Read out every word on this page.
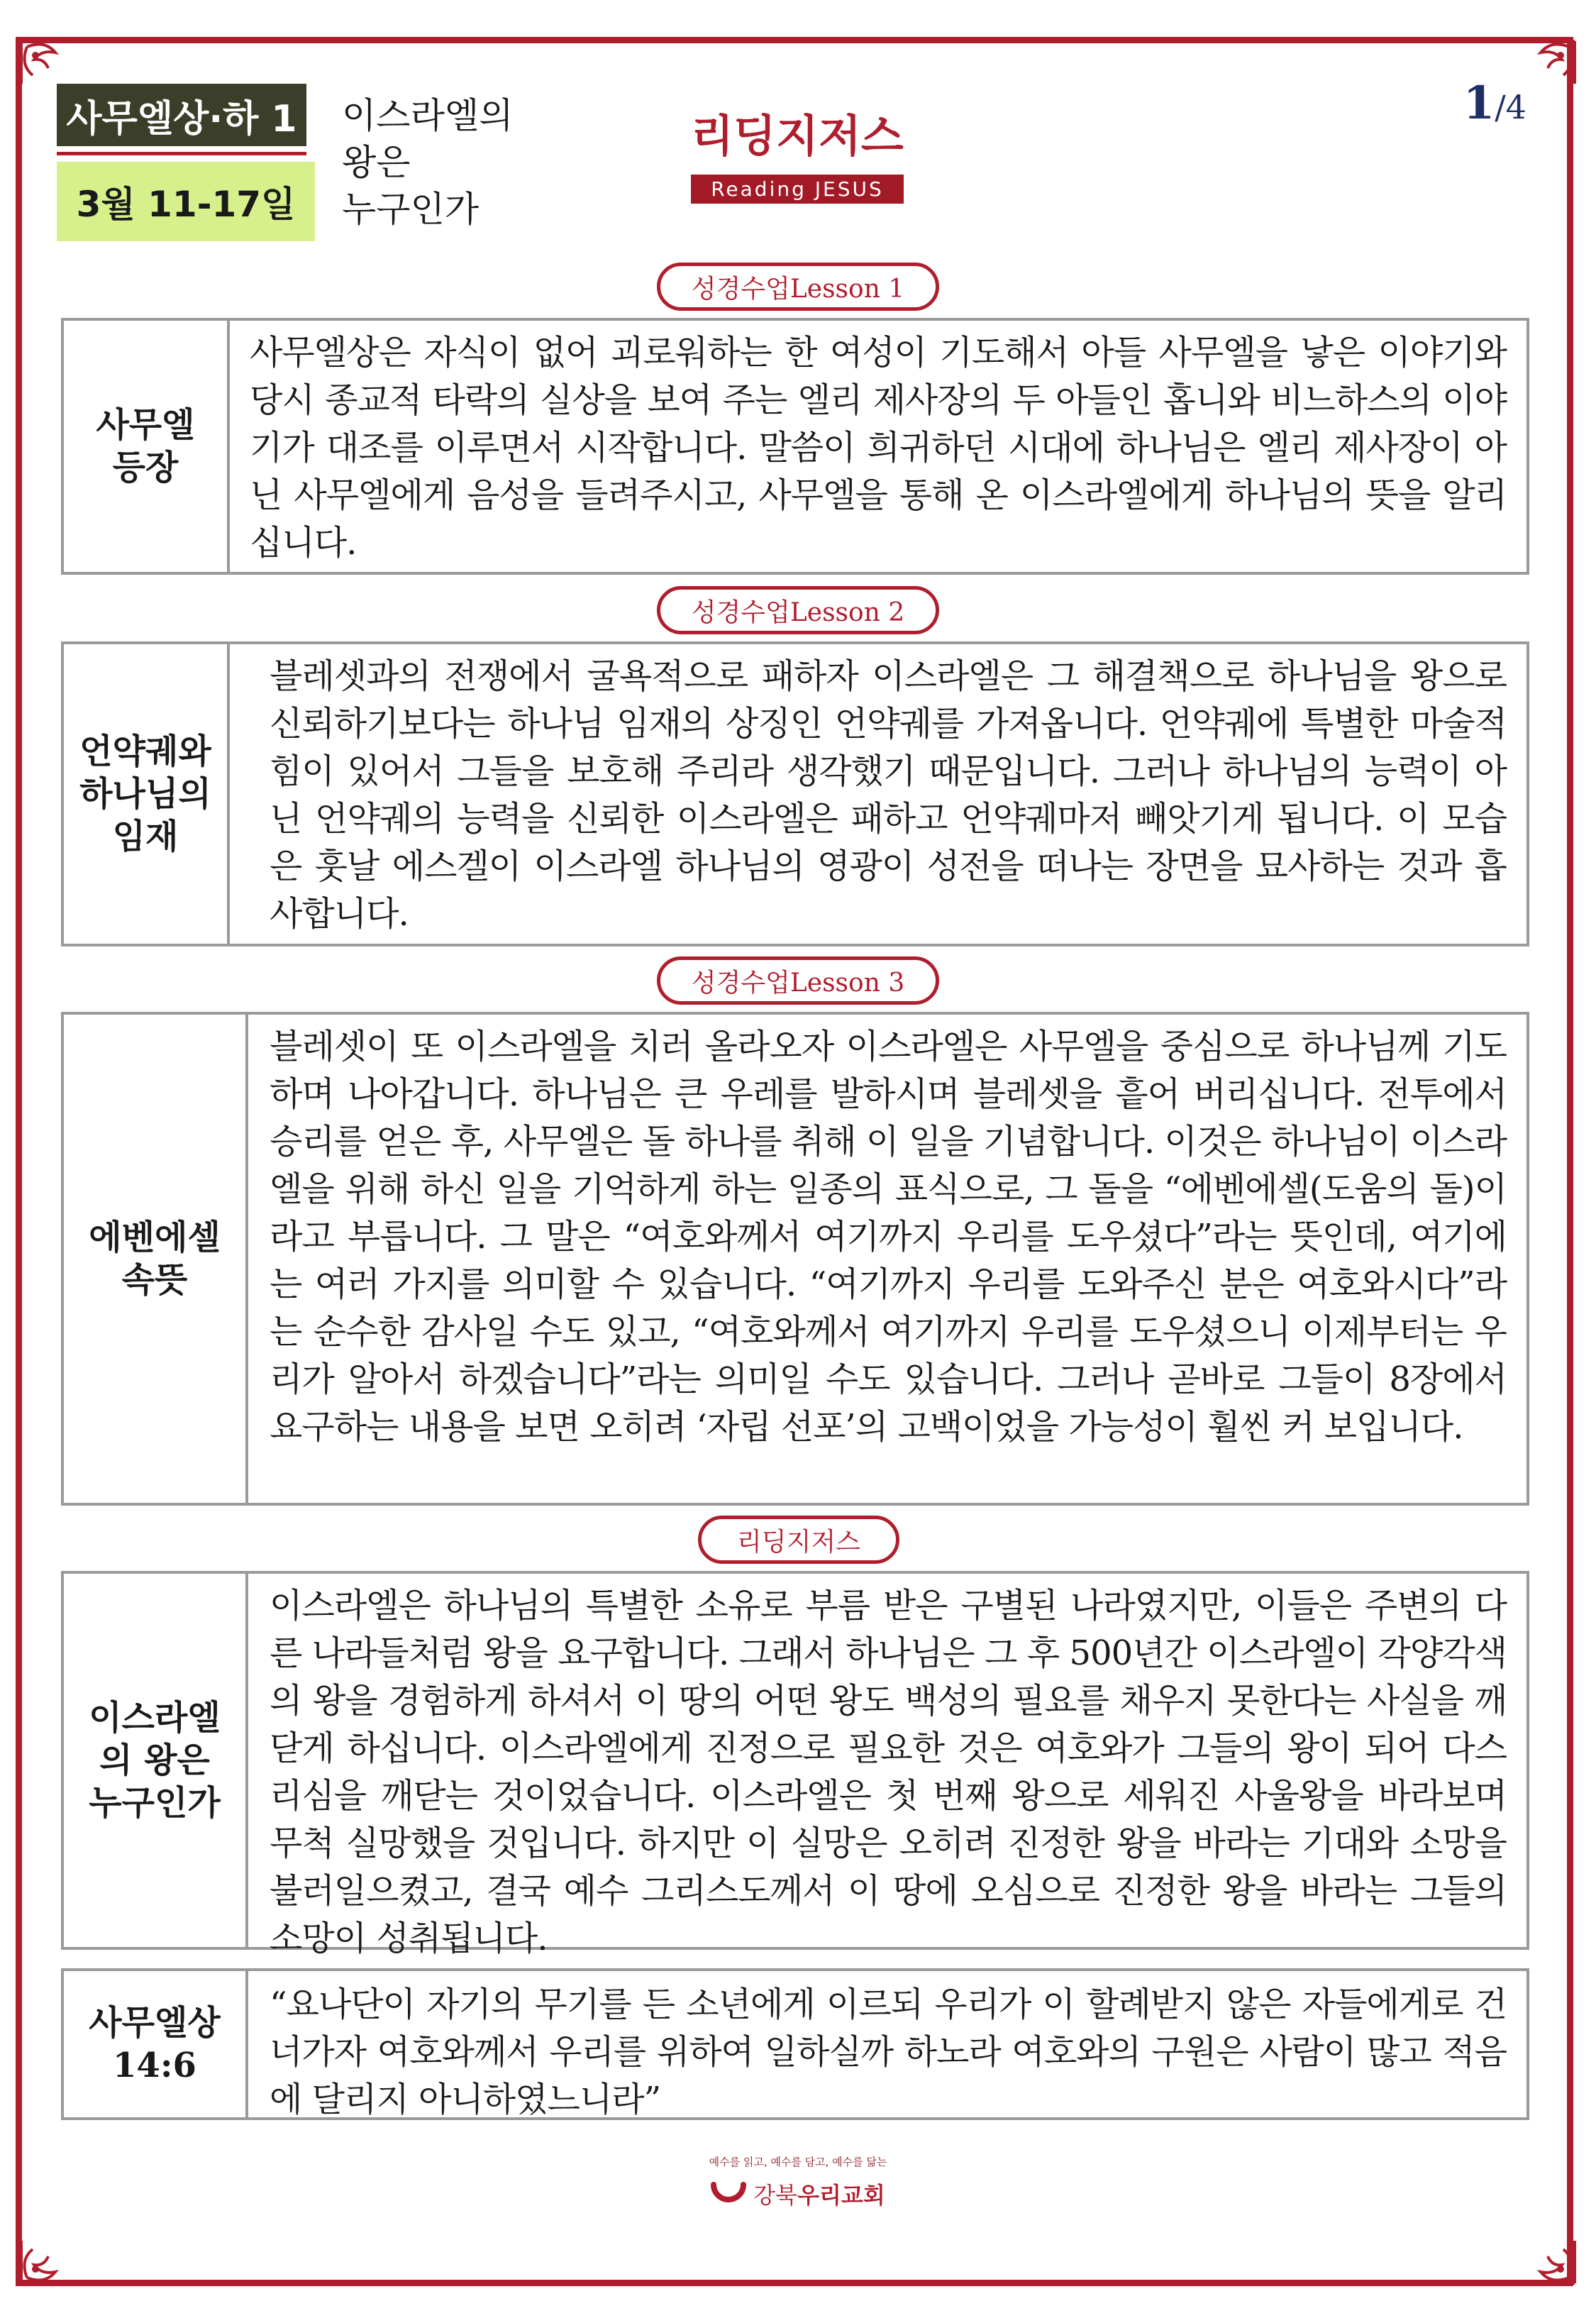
사무엘상·하 1
3월 11-17일
이스라엘의
왕은
누구인가
리딩지저스
Reading JESUS
1/4
성경수업Lesson 1
사무엘
등장
사무엘상은 자식이 없어 괴로워하는 한 여성이 기도해서 아들 사무엘을 낳은 이야기와 당시 종교적 타락의 실상을 보여 주는 엘리 제사장의 두 아들인 홉니와 비느하스의 이야기가 대조를 이루면서 시작합니다. 말씀이 희귀하던 시대에 하나님은 엘리 제사장이 아닌 사무엘에게 음성을 들려주시고, 사무엘을 통해 온 이스라엘에게 하나님의 뜻을 알리십니다.
성경수업Lesson 2
언약궤와
하나님의
임재
블레셋과의 전쟁에서 굴욕적으로 패하자 이스라엘은 그 해결책으로 하나님을 왕으로 신뢰하기보다는 하나님 임재의 상징인 언약궤를 가져옵니다. 언약궤에 특별한 마술적 힘이 있어서 그들을 보호해 주리라 생각했기 때문입니다. 그러나 하나님의 능력이 아닌 언약궤의 능력을 신뢰한 이스라엘은 패하고 언약궤마저 빼앗기게 됩니다. 이 모습은 훗날 에스겔이 이스라엘 하나님의 영광이 성전을 떠나는 장면을 묘사하는 것과 흡사합니다.
성경수업Lesson 3
에벤에셀
속뜻
블레셋이 또 이스라엘을 치러 올라오자 이스라엘은 사무엘을 중심으로 하나님께 기도하며 나아갑니다. 하나님은 큰 우레를 발하시며 블레셋을 흩어 버리십니다. 전투에서 승리를 얻은 후, 사무엘은 돌 하나를 취해 이 일을 기념합니다. 이것은 하나님이 이스라엘을 위해 하신 일을 기억하게 하는 일종의 표식으로, 그 돌을 “에벤에셀(도움의 돌)이라고 부릅니다. 그 말은 “여호와께서 여기까지 우리를 도우셨다”라는 뜻인데, 여기에는 여러 가지를 의미할 수 있습니다. “여기까지 우리를 도와주신 분은 여호와시다”라는 순수한 감사일 수도 있고, “여호와께서 여기까지 우리를 도우셨으니 이제부터는 우리가 알아서 하겠습니다”라는 의미일 수도 있습니다. 그러나 곧바로 그들이 8장에서 요구하는 내용을 보면 오히려 ‘자립 선포’의 고백이었을 가능성이 훨씬 커 보입니다.
리딩지저스
이스라엘
의 왕은
누구인가
이스라엘은 하나님의 특별한 소유로 부름 받은 구별된 나라였지만, 이들은 주변의 다른 나라들처럼 왕을 요구합니다. 그래서 하나님은 그 후 500년간 이스라엘이 각양각색의 왕을 경험하게 하셔서 이 땅의 어떤 왕도 백성의 필요를 채우지 못한다는 사실을 깨닫게 하십니다. 이스라엘에게 진정으로 필요한 것은 여호와가 그들의 왕이 되어 다스리심을 깨닫는 것이었습니다. 이스라엘은 첫 번째 왕으로 세워진 사울왕을 바라보며 무척 실망했을 것입니다. 하지만 이 실망은 오히려 진정한 왕을 바라는 기대와 소망을 불러일으켰고, 결국 예수 그리스도께서 이 땅에 오심으로 진정한 왕을 바라는 그들의 소망이 성취됩니다.
사무엘상
14:6
“요나단이 자기의 무기를 든 소년에게 이르되 우리가 이 할례받지 않은 자들에게로 건너가자 여호와께서 우리를 위하여 일하실까 하노라 여호와의 구원은 사람이 많고 적음에 달리지 아니하였느니라”
예수를 읽고, 예수를 담고, 예수를 닮는
강북우리교회
